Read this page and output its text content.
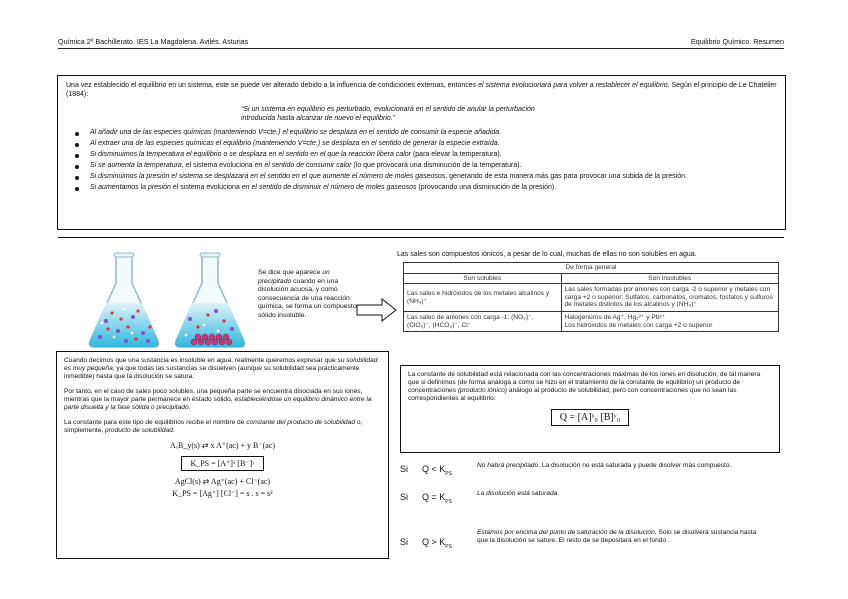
Química 2º Bachillerato. IES La Magdalena. Avilés. Asturias	Equilibrio Químico. Resumen
Una vez establecido el equilibrio en un sistema, este se puede ver alterado debido a la influencia de condiciones externas, entonces el sistema evolucionará para volver a restablecer el equilibrio. Según el principio de Le Chatelier (1884):
“Si un sistema en equilibrio es perturbado, evolucionará en el sentido de anular la perturbación introducida hasta alcanzar de nuevo el equilibrio.”
Al añadir una de las especies químicas (manteniendo V=cte.) el equilibrio se desplaza en el sentido de consumir la especie añadida.
Al extraer una de las especies químicas el equilibrio (manteniendo V=cte.) se desplaza en el sentido de generar la especie extraída.
Si disminuimos la temperatura el equilibrio o se desplaza en el sentido en el que la reacción libera calor (para elevar la temperatura).
Si se aumenta la temperatura, el sistema evoluciona en el sentido de consumir calor (lo que provocará una disminución de la temperatura).
Si disminuimos la presión el sistema se desplazará en el sentido en el que aumente el número de moles gaseosos, generando de esta manera más gas para provocar una subida de la presión.
Si aumentamos la presión el sistema evoluciona en el sentido de disminuir el número de moles gaseosos (provocando una disminución de la presión).
Se dice que aparece un precipitado cuando en una disolución acuosa, y como consecuencia de una reacción química, se forma un compuesto sólido insoluble.
Las sales son compuestos iónicos, a pesar de lo cual, muchas de ellas no son solubles en agua.
De forma general	
Son solubles	Son insolubles
Las sales e hidróxidos de los metales alcalinos y (NH₄)⁺	Las sales formadas por aniones con carga -2 o superior y metales con carga +2 o superior: Sulfatos, carbonatos, cromatos, fosfatos y sulfuros de metales distintos de los alcalinos y (NH₄)⁺
Las sales de aniones con carga -1: (NO₃)⁻, (ClO₃)⁻, (HCO₃)⁻, Cl⁻	Halogenuros de Ag⁺, Hg₂²⁺ y Pb²⁺
Los hidróxidos de metales con carga +2 o superior
Cuando decimos que una sustancia es insoluble en agua, realmente queremos expresar que su solubilidad es muy pequeña, ya que todas las sustancias se disuelven (aunque su solubilidad sea prácticamente inmedible) hasta que la disolución se satura.
Por tanto, en el caso de sales poco solubles, una pequeña parte se encuentra disociada en sus iones, mientras que la mayor parte permanece en estado sólido, estableciéndose un equilibrio dinámico entre la parte disuelta y la fase sólida o precipitado.
La constante para este tipo de equilibrios recibe el nombre de constante del producto de solubilidad o, simplemente, producto de solubilidad:
AₓB_y(s) ⇄ x A⁺(ac) + y B⁻(ac)
K_PS = [A⁺]ˣ [B⁻]ʸ
AgCl(s) ⇄ Ag⁺(ac) + Cl⁻(ac)
K_PS = [Ag⁺] [Cl⁻] = s . s = s²
La constante de solubilidad está relacionada con las concentraciones máximas de los iones en disolución, de tal manera que si definimos (de forma análoga a como se hizo en el tratamiento de la constante de equilibrio) un producto de concentraciones (producto iónico) análogo al producto de solubilidad, pero con concentraciones que no sean las correspondientes al equilibrio:
Q = [A]ˣ₀ [B]ʸ₀
Si $Q < K_{PS}$
No habrá precipitado. La disolución no está saturada y puede disolver más compuesto.
Si $Q = K_{PS}$
La disolución está saturada.
Si $Q > K_{PS}$
Estamos por encima del punto de saturación de la disolución. Solo se disolverá sustancia hasta que la disolución se sature. El resto de se depositará en el fondo .
